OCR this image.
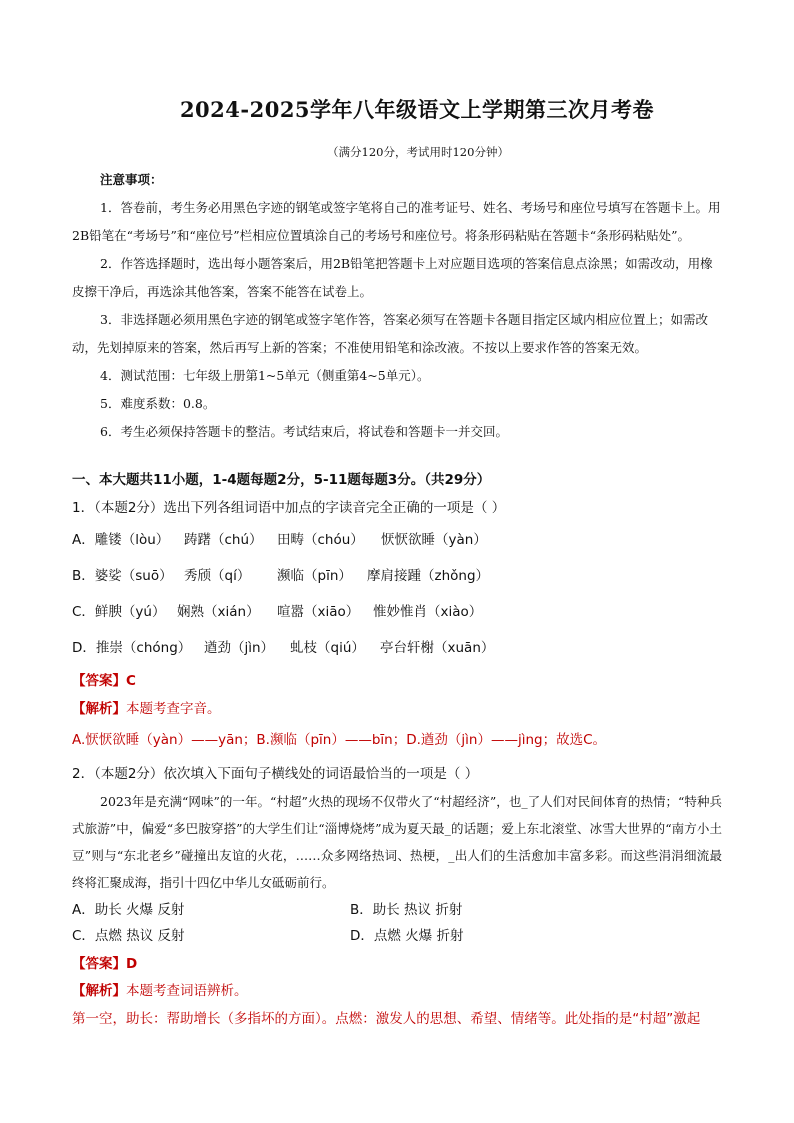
2024-2025学年八年级语文上学期第三次月考卷
（满分120分，考试用时120分钟）
注意事项：

1．答卷前，考生务必用黑色字迹的钢笔或签字笔将自己的准考证号、姓名、考场号和座位号填写在答题卡上。用2B铅笔在“考场号”和“座位号”栏相应位置填涂自己的考场号和座位号。将条形码粘贴在答题卡“条形码粘贴处”。

2．作答选择题时，选出每小题答案后，用2B铅笔把答题卡上对应题目选项的答案信息点涂黑；如需改动，用橡皮擦干净后，再选涂其他答案，答案不能答在试卷上。

3．非选择题必须用黑色字迹的钢笔或签字笔作答，答案必须写在答题卡各题目指定区域内相应位置上；如需改动，先划掉原来的答案，然后再写上新的答案；不准使用铅笔和涂改液。不按以上要求作答的答案无效。

4．测试范围：七年级上册第1~5单元（侧重第4~5单元）。

5．难度系数：0.8。

6．考生必须保持答题卡的整洁。考试结束后，将试卷和答题卡一并交回。

一、本大题共11小题，1-4题每题2分，5-11题每题3分。（共29分）
1．（本题2分）选出下列各组词语中加点的字读音完全正确的一项是（ ）
A．雕镂（lòu） 踌躇（chú） 田畴（chóu） 恹恹欲睡（yàn）
B．婆娑（suō） 秀颀（qí） 濒临（pīn） 摩肩接踵（zhǒng）
C．鲜腴（yú） 娴熟（xián） 喧嚣（xiāo） 惟妙惟肖（xiào）
D．推崇（chóng） 遒劲（jìn） 虬枝（qiú） 亭台轩榭（xuān）
【答案】C
【解析】本题考查字音。
A.恹恹欲睡（yàn）——yān；B.濒临（pīn）——bīn；D.遒劲（jìn）——jìng；故选C。
2．（本题2分）依次填入下面句子横线处的词语最恰当的一项是（ ）
2023年是充满“网味”的一年。“村超”火热的现场不仅带火了“村超经济”，也_了人们对民间体育的热情；“特种兵式旅游”中，偏爱“多巴胺穿搭”的大学生们让“淄博烧烤”成为夏天最_的话题；爱上东北滚堂、冰雪大世界的“南方小土豆”则与“东北老乡”碰撞出友谊的火花，……众多网络热词、热梗，_出人们的生活愈加丰富多彩。而这些涓涓细流最终将汇聚成海，指引十四亿中华儿女砥砺前行。
A．助长 火爆 反射	B．助长 热议 折射
C．点燃 热议 反射	D．点燃 火爆 折射
【答案】D
【解析】本题考查词语辨析。
第一空，助长：帮助增长（多指坏的方面）。点燃：激发人的思想、希望、情绪等。此处指的是“村超”激起
